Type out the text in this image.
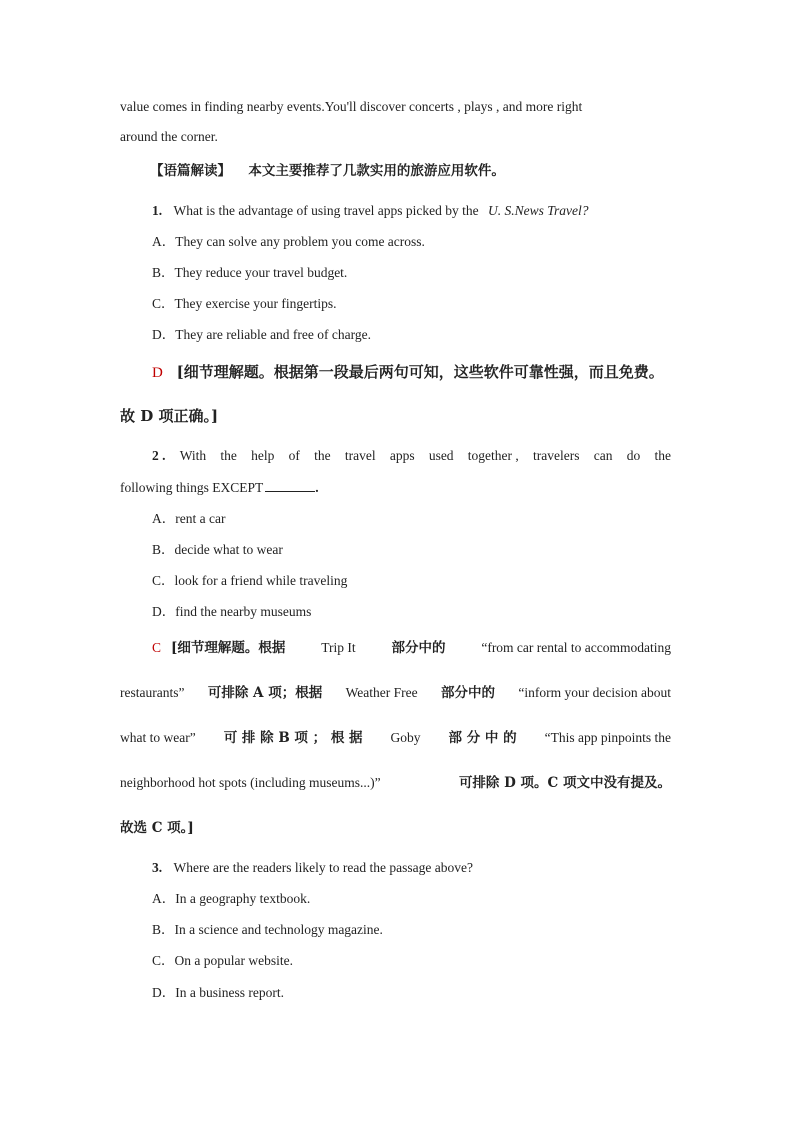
value comes in finding nearby events.You'll discover concerts , plays , and more right
around the corner.
【语篇解读】 本文主要推荐了几款实用的旅游应用软件。
1. What is the advantage of using travel apps picked by the U. S.News Travel?
A．They can solve any problem you come across.
B．They reduce your travel budget.
C．They exercise your fingertips.
D．They are reliable and free of charge.
D [细节理解题。根据第一段最后两句可知，这些软件可靠性强，而且免费。
故 D 项正确。]
2 . With the help of the travel apps used together , travelers can do the
following things EXCEPT	.
A．rent a car
B．decide what to wear
C．look for a friend while traveling
D．find the nearby museums
C [细节理解题。根据	Trip It	部分中的	“from car rental to accommodating
restaurants” 可排除 A 项；根据 Weather Free 部分中的 “inform your decision about
what to wear” 可 排 除 B 项 ； 根 据 Goby 部 分 中 的 “This app pinpoints the
neighborhood hot spots (including museums...)”	可排除 D 项。C 项文中没有提及。
故选 C 项。]
3. Where are the readers likely to read the passage above?
A．In a geography textbook.
B．In a science and technology magazine.
C．On a popular website.
D．In a business report.
